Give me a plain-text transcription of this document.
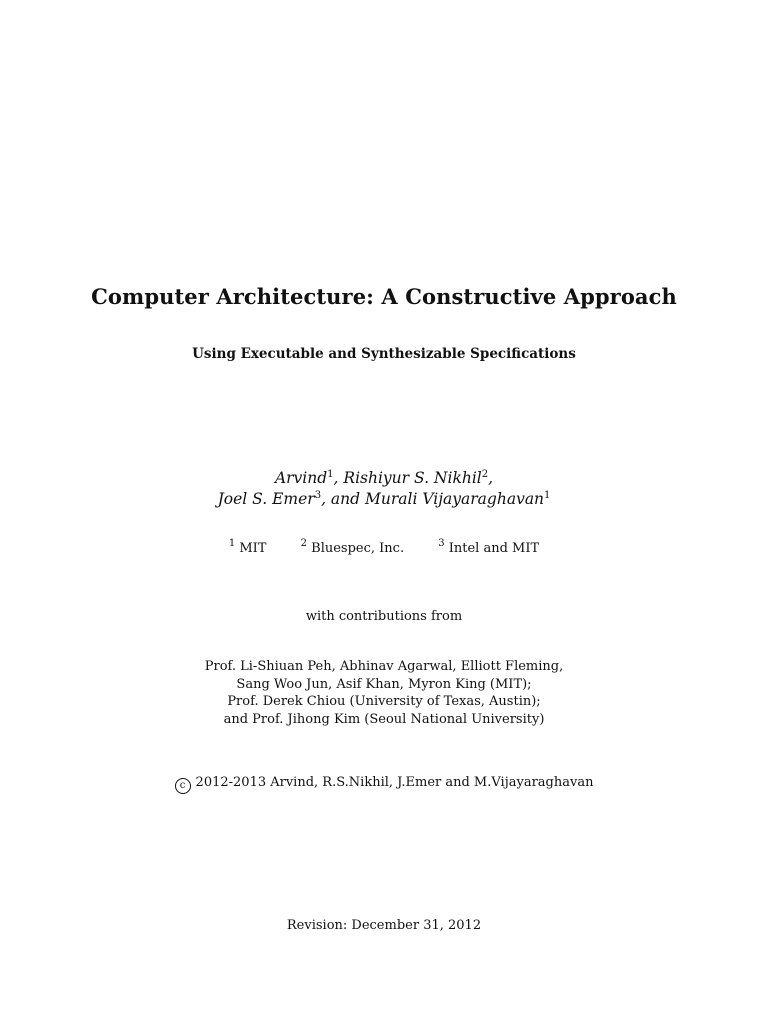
Computer Architecture: A Constructive Approach
Using Executable and Synthesizable Specifications
Arvind$^1$, Rishiyur S. Nikhil$^2$,
Joel S. Emer$^3$, and Murali Vijayaraghavan$^1$
$^1$ MIT	$^2$ Bluespec, Inc.	$^3$ Intel and MIT
with contributions from
Prof. Li-Shiuan Peh, Abhinav Agarwal, Elliott Fleming,
Sang Woo Jun, Asif Khan, Myron King (MIT);
Prof. Derek Chiou (University of Texas, Austin);
and Prof. Jihong Kim (Seoul National University)
c 2012-2013 Arvind, R.S.Nikhil, J.Emer and M.Vijayaraghavan
Revision: December 31, 2012
